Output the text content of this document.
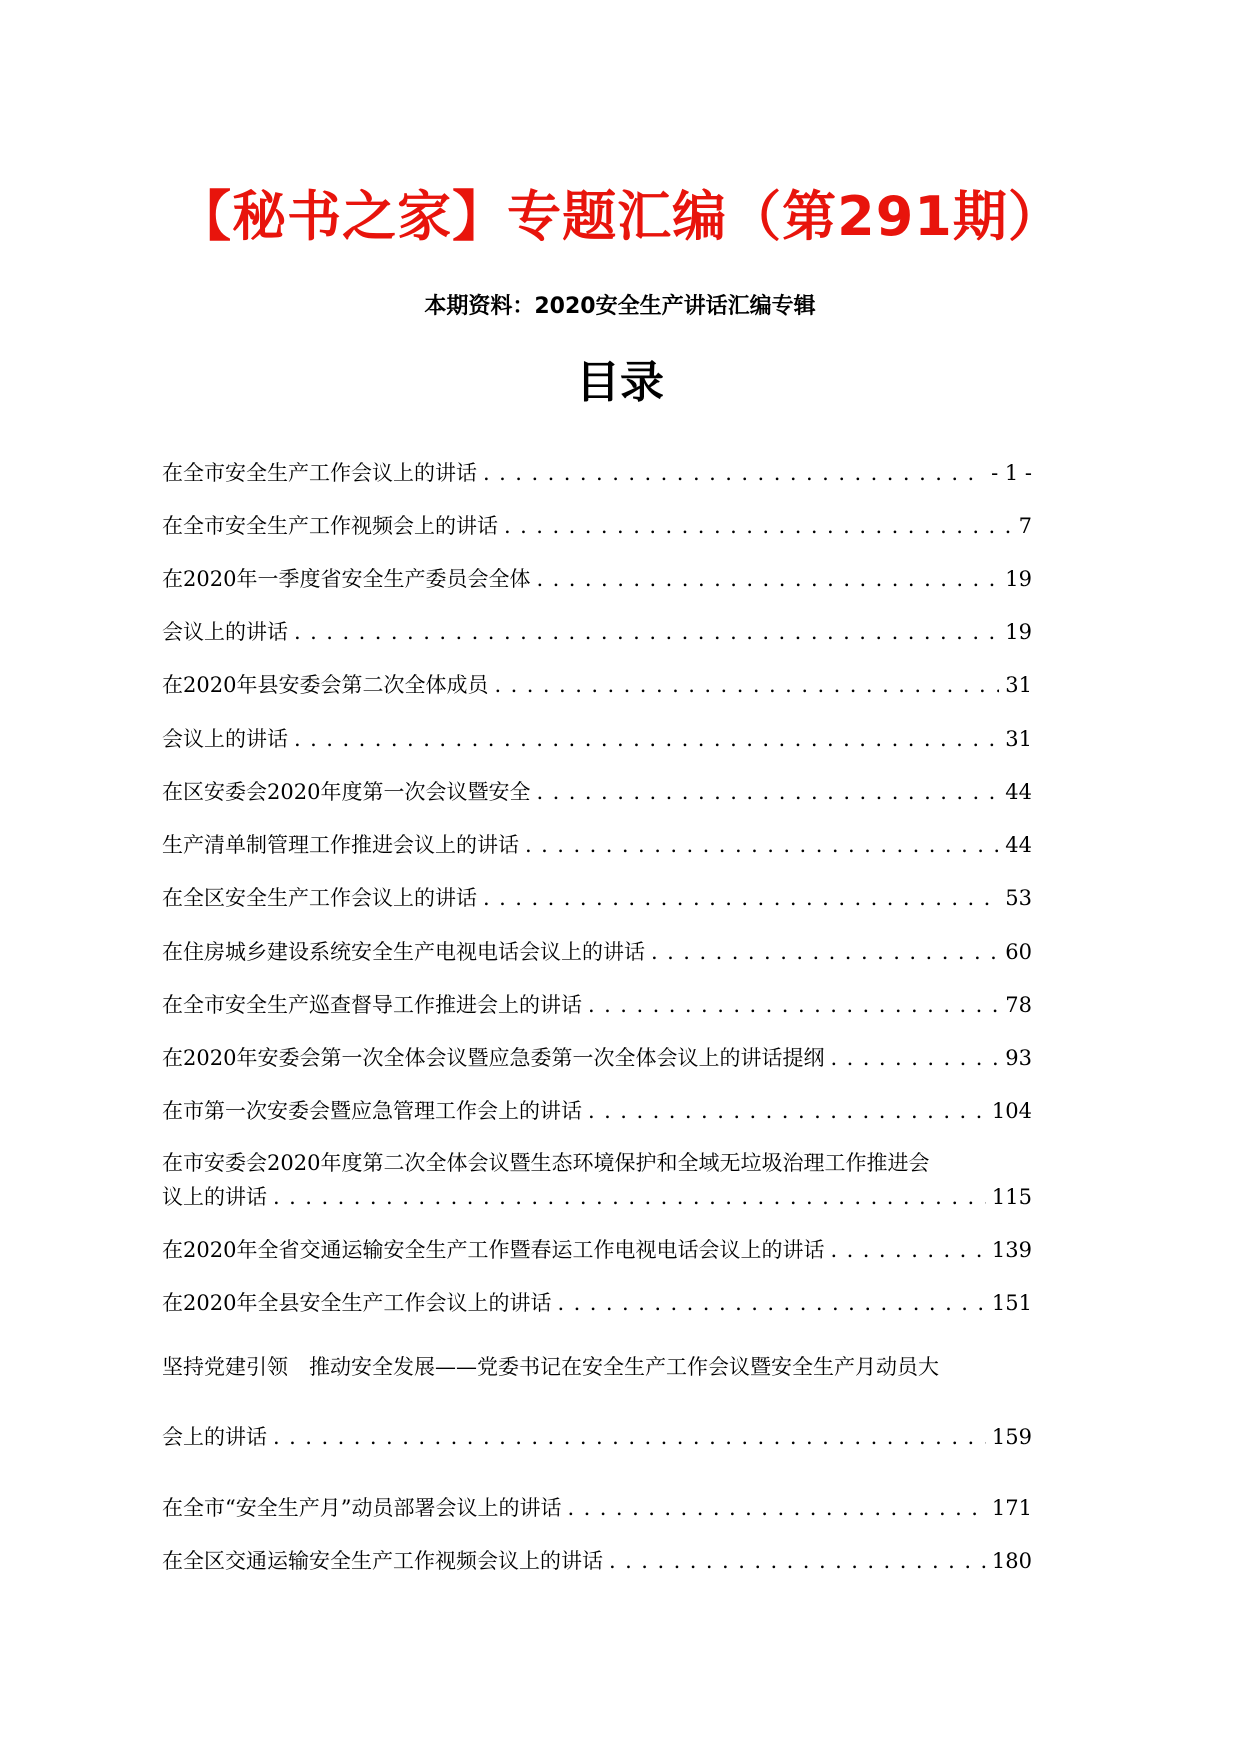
【秘书之家】专题汇编（第291期）
本期资料：2020安全生产讲话汇编专辑
目录
在全市安全生产工作会议上的讲话 . . .	- 1 -
在全市安全生产工作视频会上的讲话 . . .	7
在2020年一季度省安全生产委员会全体 . . .	19
会议上的讲话 . . .	19
在2020年县安委会第二次全体成员 . . .	31
会议上的讲话 . . .	31
在区安委会2020年度第一次会议暨安全 . . .	44
生产清单制管理工作推进会议上的讲话 . . .	44
在全区安全生产工作会议上的讲话 . . .	53
在住房城乡建设系统安全生产电视电话会议上的讲话 . . .	60
在全市安全生产巡查督导工作推进会上的讲话 . . .	78
在2020年安委会第一次全体会议暨应急委第一次全体会议上的讲话提纲 . . .	93
在市第一次安委会暨应急管理工作会上的讲话 . . .	104
在市安委会2020年度第二次全体会议暨生态环境保护和全域无垃圾治理工作推进会
议上的讲话 . . .	115
在2020年全省交通运输安全生产工作暨春运工作电视电话会议上的讲话 . . .	139
在2020年全县安全生产工作会议上的讲话 . . .	151
坚持党建引领　推动安全发展——党委书记在安全生产工作会议暨安全生产月动员大
会上的讲话 . . .	159
在全市“安全生产月”动员部署会议上的讲话 . . .	171
在全区交通运输安全生产工作视频会议上的讲话 . . .	180
